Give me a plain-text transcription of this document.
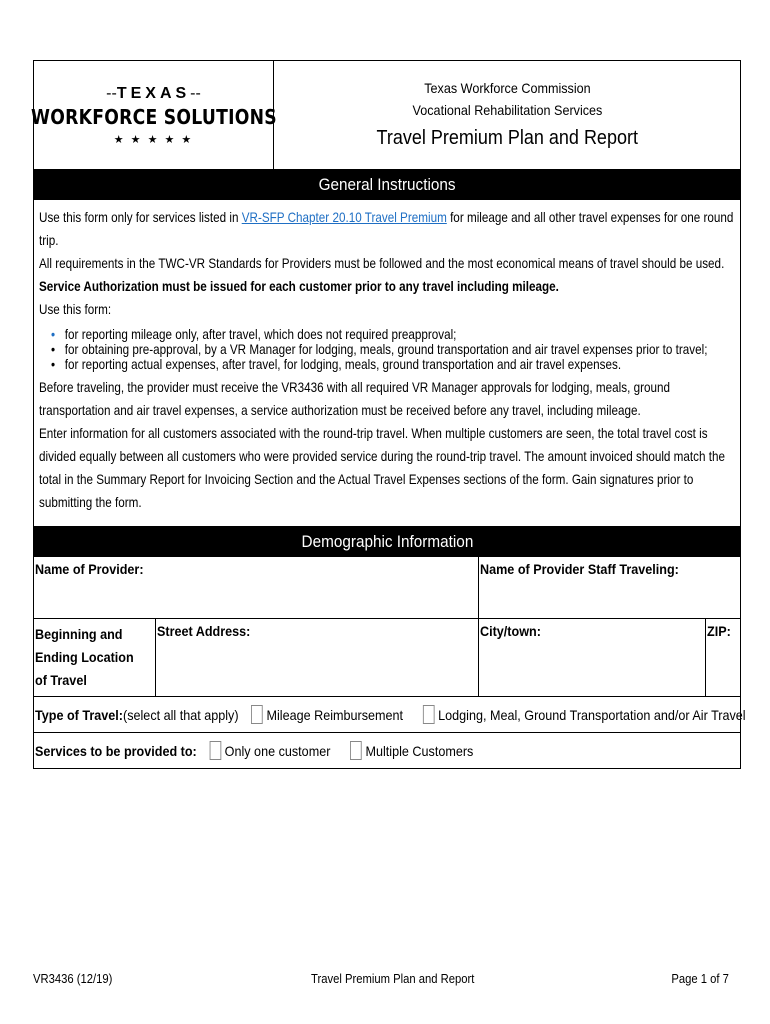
--TEXAS--
WORKFORCE SOLUTIONS
★ ★ ★ ★ ★
Texas Workforce Commission
Vocational Rehabilitation Services
Travel Premium Plan and Report
General Instructions

Use this form only for services listed in VR-SFP Chapter 20.10 Travel Premium for mileage and all other travel expenses for one round trip.

All requirements in the TWC-VR Standards for Providers must be followed and the most economical means of travel should be used.

Service Authorization must be issued for each customer prior to any travel including mileage.

Use this form:

• for reporting mileage only, after travel, which does not required preapproval;
• for obtaining pre-approval, by a VR Manager for lodging, meals, ground transportation and air travel expenses prior to travel;
• for reporting actual expenses, after travel, for lodging, meals, ground transportation and air travel expenses.

Before traveling, the provider must receive the VR3436 with all required VR Manager approvals for lodging, meals, ground transportation and air travel expenses, a service authorization must be received before any travel, including mileage.

Enter information for all customers associated with the round-trip travel. When multiple customers are seen, the total travel cost is divided equally between all customers who were provided service during the round-trip travel. The amount invoiced should match the total in the Summary Report for Invoicing Section and the Actual Travel Expenses sections of the form. Gain signatures prior to submitting the form.

Demographic Information
Name of Provider:		Name of Provider Staff Traveling:	
Beginning and Ending Location of Travel	Street Address:	City/town:	ZIP:
Type of Travel: (select all that apply) Mileage Reimbursement	Lodging, Meal, Ground Transportation and/or Air Travel
Services to be provided to: Only one customer	Multiple Customers
VR3436 (12/19)	Travel Premium Plan and Report	Page 1 of 7
